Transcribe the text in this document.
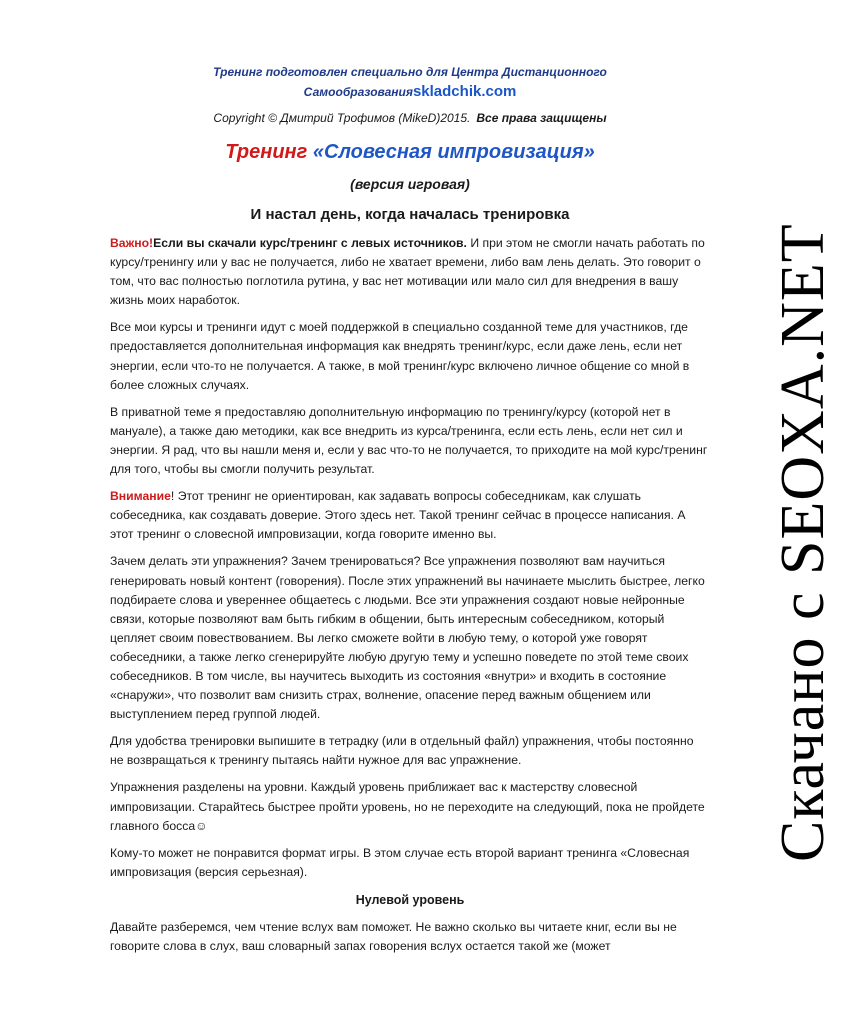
Тренинг подготовлен специально для Центра Дистанционного
Самообразованияskladchik.com
Copyright © Дмитрий Трофимов (MikeD)2015. Все права защищены
Тренинг «Словесная импровизация»
(версия игровая)
И настал день, когда началась тренировка
Важно!Если вы скачали курс/тренинг с левых источников. И при этом не смогли начать работать по курсу/тренингу или у вас не получается, либо не хватает времени, либо вам лень делать. Это говорит о том, что вас полностью поглотила рутина, у вас нет мотивации или мало сил для внедрения в вашу жизнь моих наработок.
Все мои курсы и тренинги идут с моей поддержкой в специально созданной теме для участников, где предоставляется дополнительная информация как внедрять тренинг/курс, если даже лень, если нет энергии, если что-то не получается. А также, в мой тренинг/курс включено личное общение со мной в более сложных случаях.
В приватной теме я предоставляю дополнительную информацию по тренингу/курсу (которой нет в мануале), а также даю методики, как все внедрить из курса/тренинга, если есть лень, если нет сил и энергии. Я рад, что вы нашли меня и, если у вас что-то не получается, то приходите на мой курс/тренинг для того, чтобы вы смогли получить результат.
Внимание! Этот тренинг не ориентирован, как задавать вопросы собеседникам, как слушать собеседника, как создавать доверие. Этого здесь нет. Такой тренинг сейчас в процессе написания. А этот тренинг о словесной импровизации, когда говорите именно вы.
Зачем делать эти упражнения? Зачем тренироваться? Все упражнения позволяют вам научиться генерировать новый контент (говорения). После этих упражнений вы начинаете мыслить быстрее, легко подбираете слова и увереннее общаетесь с людьми. Все эти упражнения создают новые нейронные связи, которые позволяют вам быть гибким в общении, быть интересным собеседником, который цепляет своим повествованием. Вы легко сможете войти в любую тему, о которой уже говорят собеседники, а также легко сгенерируйте любую другую тему и успешно поведете по этой теме своих собеседников. В том числе, вы научитесь выходить из состояния «внутри» и входить в состояние «снаружи», что позволит вам снизить страх, волнение, опасение перед важным общением или выступлением перед группой людей.
Для удобства тренировки выпишите в тетрадку (или в отдельный файл) упражнения, чтобы постоянно не возвращаться к тренингу пытаясь найти нужное для вас упражнение.
Упражнения разделены на уровни. Каждый уровень приближает вас к мастерству словесной импровизации. Старайтесь быстрее пройти уровень, но не переходите на следующий, пока не пройдете главного босса☺
Кому-то может не понравится формат игры. В этом случае есть второй вариант тренинга «Словесная импровизация (версия серьезная).
Нулевой уровень
Давайте разберемся, чем чтение вслух вам поможет. Не важно сколько вы читаете книг, если вы не говорите слова в слух, ваш словарный запах говорения вслух остается такой же (может
Скачано с SEOXA.NET
